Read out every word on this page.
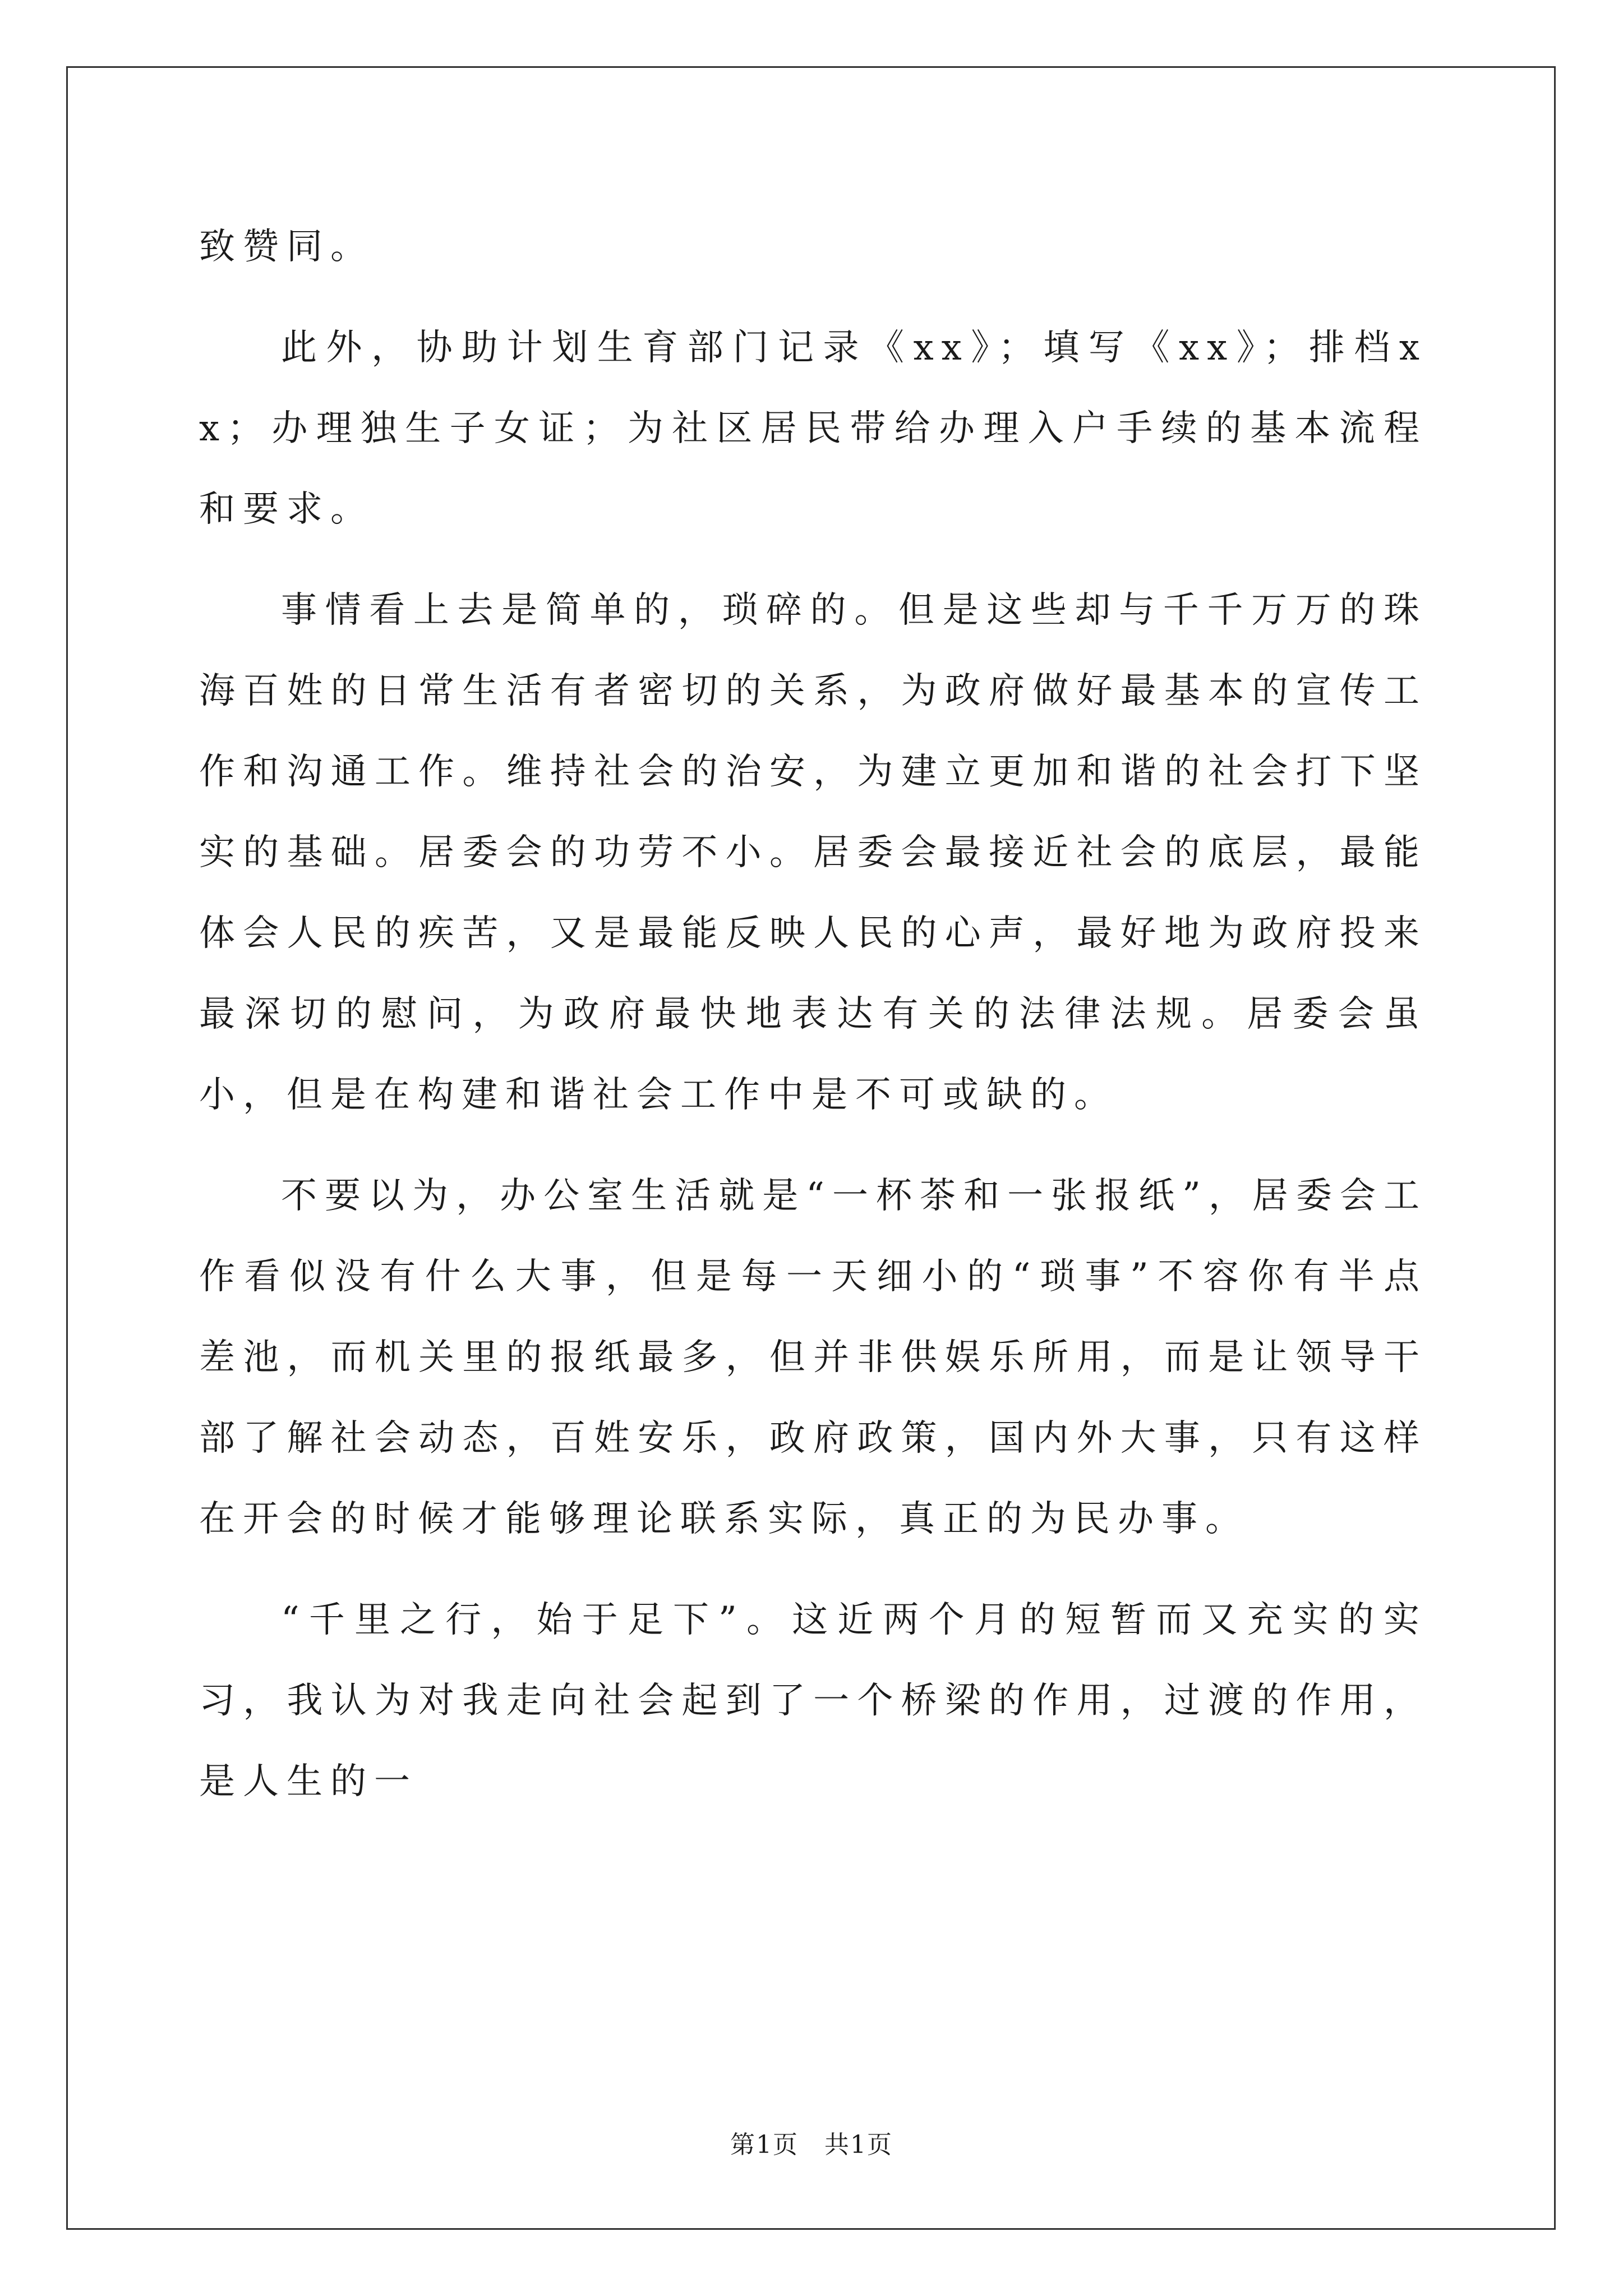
致赞同。

此外，协助计划生育部门记录《xx》；填写《xx》；排档xx；办理独生子女证；为社区居民带给办理入户手续的基本流程和要求。

事情看上去是简单的，琐碎的。但是这些却与千千万万的珠海百姓的日常生活有者密切的关系，为政府做好最基本的宣传工作和沟通工作。维持社会的治安，为建立更加和谐的社会打下坚实的基础。居委会的功劳不小。居委会最接近社会的底层，最能体会人民的疾苦，又是最能反映人民的心声，最好地为政府投来最深切的慰问，为政府最快地表达有关的法律法规。居委会虽小，但是在构建和谐社会工作中是不可或缺的。

不要以为，办公室生活就是“一杯茶和一张报纸”，居委会工作看似没有什么大事，但是每一天细小的“琐事”不容你有半点差池，而机关里的报纸最多，但并非供娱乐所用，而是让领导干部了解社会动态，百姓安乐，政府政策，国内外大事，只有这样在开会的时候才能够理论联系实际，真正的为民办事。

“千里之行，始于足下”。这近两个月的短暂而又充实的实习，我认为对我走向社会起到了一个桥梁的作用，过渡的作用，是人生的一

第1页　共1页
